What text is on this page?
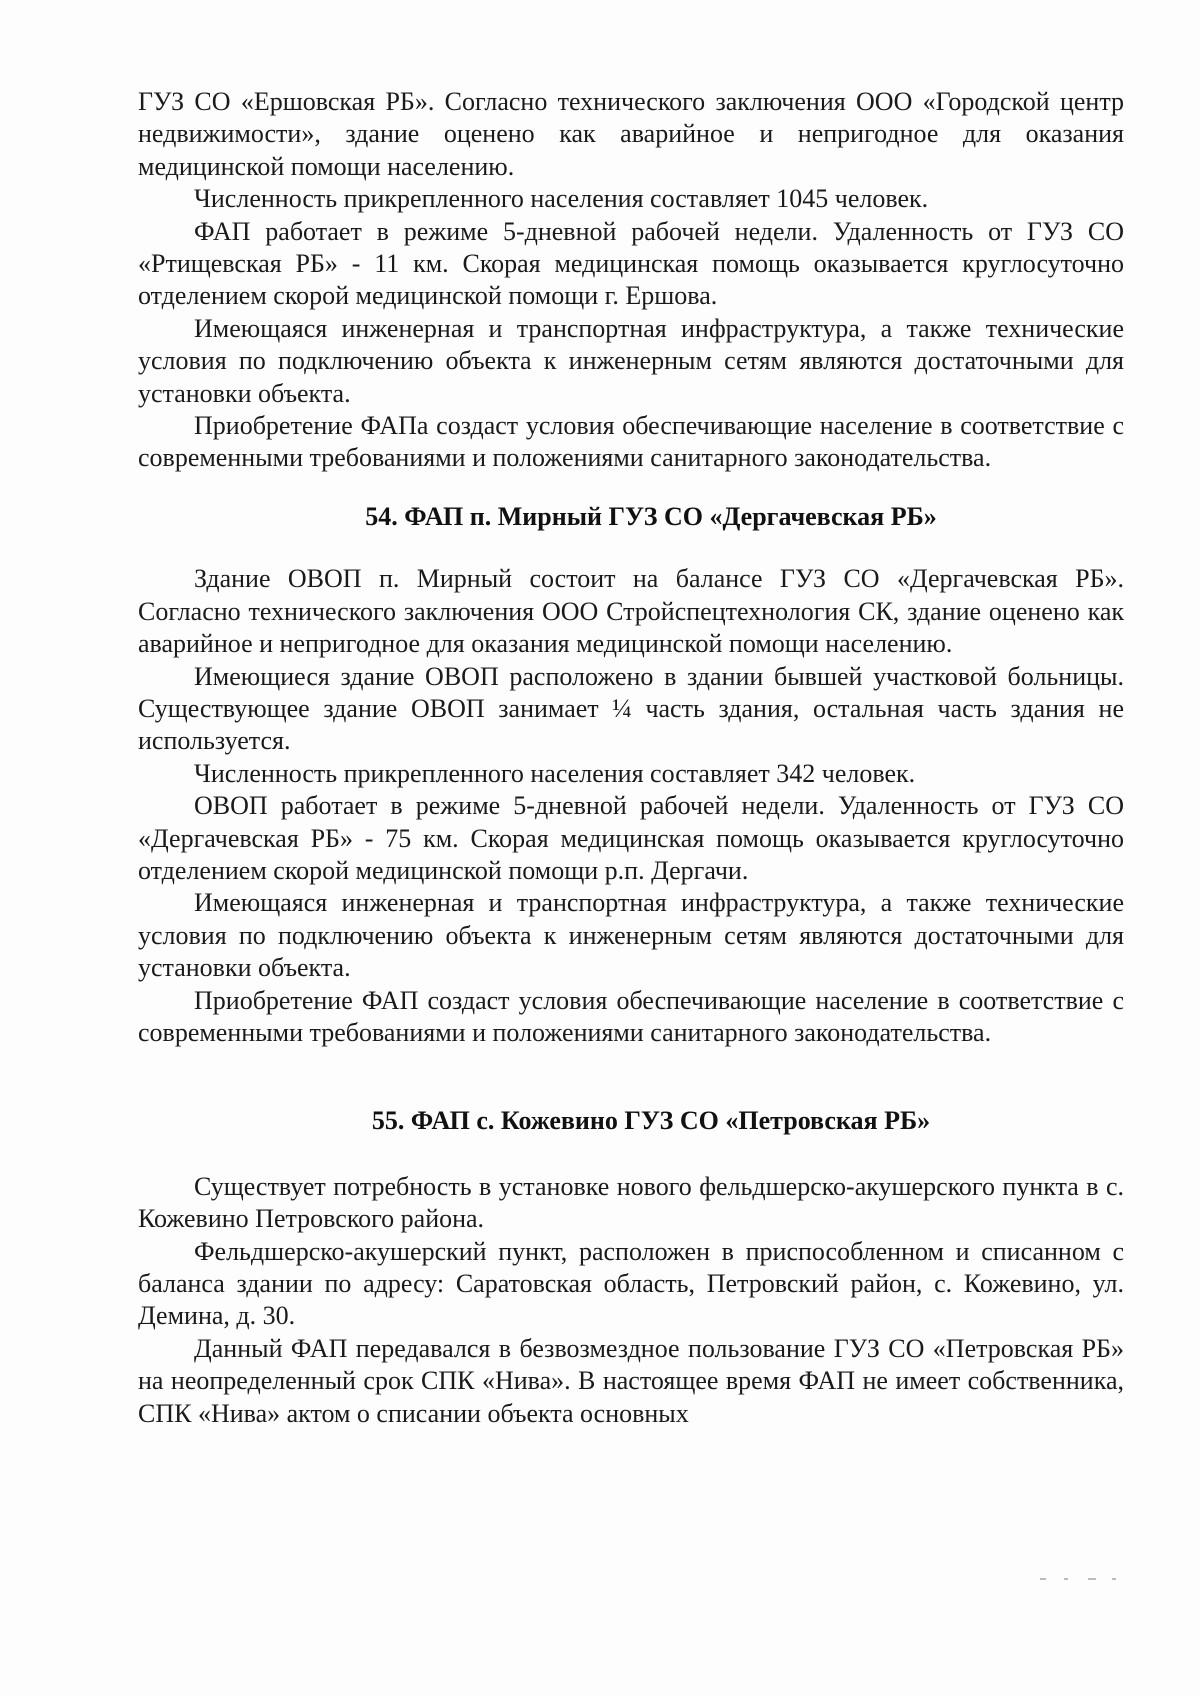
ГУЗ СО «Ершовская РБ». Согласно технического заключения ООО «Городской центр недвижимости», здание оценено как аварийное и непригодное для оказания медицинской помощи населению.

Численность прикрепленного населения составляет 1045 человек.

ФАП работает в режиме 5-дневной рабочей недели. Удаленность от ГУЗ СО «Ртищевская РБ» - 11 км. Скорая медицинская помощь оказывается круглосуточно отделением скорой медицинской помощи г. Ершова.

Имеющаяся инженерная и транспортная инфраструктура, а также технические условия по подключению объекта к инженерным сетям являются достаточными для установки объекта.

Приобретение ФАПа создаст условия обеспечивающие население в соответствие с современными требованиями и положениями санитарного законодательства.

54. ФАП п. Мирный ГУЗ СО «Дергачевская РБ»

Здание ОВОП п. Мирный состоит на балансе ГУЗ СО «Дергачевская РБ». Согласно технического заключения ООО Стройспецтехнология СК, здание оценено как аварийное и непригодное для оказания медицинской помощи населению.

Имеющиеся здание ОВОП расположено в здании бывшей участковой больницы. Существующее здание ОВОП занимает ¼ часть здания, остальная часть здания не используется.

Численность прикрепленного населения составляет 342 человек.

ОВОП работает в режиме 5-дневной рабочей недели. Удаленность от ГУЗ СО «Дергачевская РБ» - 75 км. Скорая медицинская помощь оказывается круглосуточно отделением скорой медицинской помощи р.п. Дергачи.

Имеющаяся инженерная и транспортная инфраструктура, а также технические условия по подключению объекта к инженерным сетям являются достаточными для установки объекта.

Приобретение ФАП создаст условия обеспечивающие население в соответствие с современными требованиями и положениями санитарного законодательства.

55. ФАП с. Кожевино ГУЗ СО «Петровская РБ»

Существует потребность в установке нового фельдшерско-акушерского пункта в с. Кожевино Петровского района.

Фельдшерско-акушерский пункт, расположен в приспособленном и списанном с баланса здании по адресу: Саратовская область, Петровский район, с. Кожевино, ул. Демина, д. 30.

Данный ФАП передавался в безвозмездное пользование ГУЗ СО «Петровская РБ» на неопределенный срок СПК «Нива». В настоящее время ФАП не имеет собственника, СПК «Нива» актом о списании объекта основных
